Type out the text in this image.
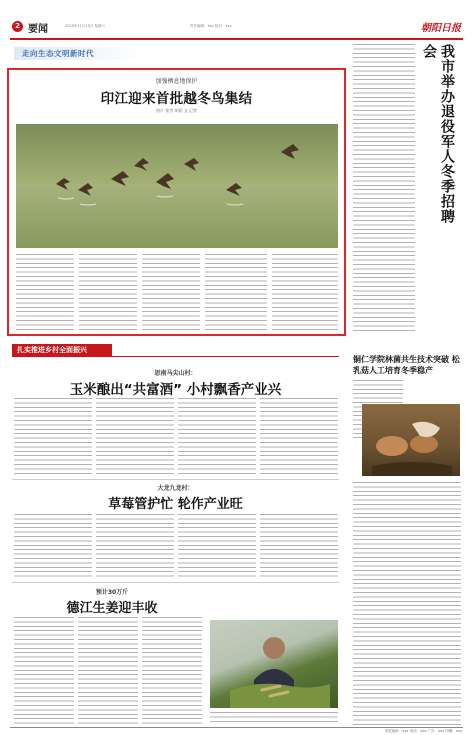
2 要闻	2025年11月15日 星期六	责任编辑：xxx 校对：xxx	朝阳日报
走向生态文明新时代
加强栖息地保护
印江迎来首批越冬鸟集结
图片 张雪 胡润 文 记者	我市举办退役军人冬季招聘会
扎实推进乡村全面振兴
思南马尖山村：
玉米酿出“共富酒” 小村飘香产业兴
大龙九龙村：
草莓管护忙 轮作产业旺
预计30万斤
德江生姜迎丰收
铜仁学院林菌共生技术突破 松乳菇人工培育冬季稳产
本报地址：xxx 电话：xxx 广告：xxx 印刷：xxx
